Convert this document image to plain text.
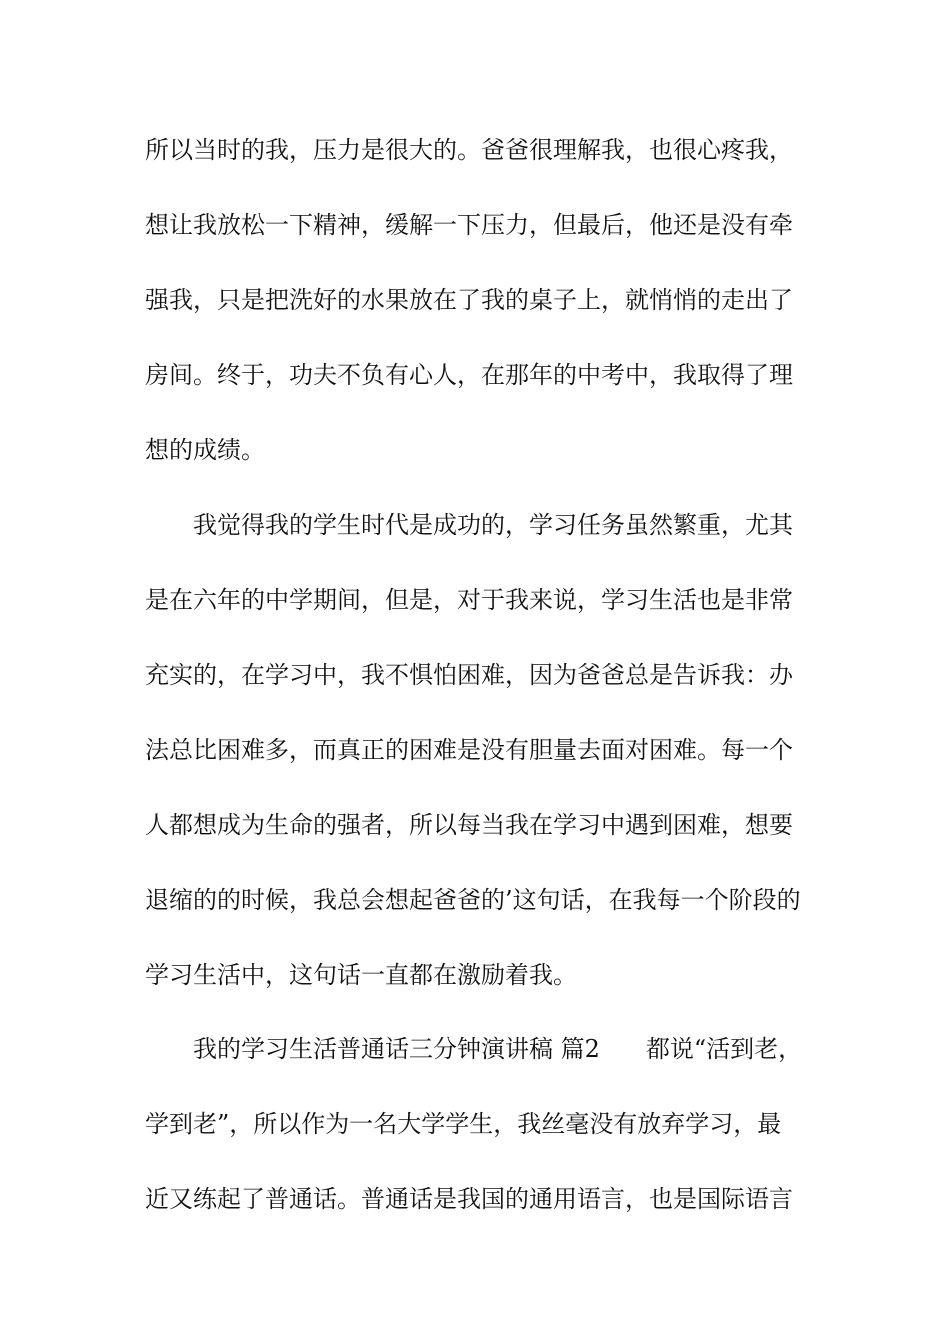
所以当时的我，压力是很大的。爸爸很理解我，也很心疼我，
想让我放松一下精神，缓解一下压力，但最后，他还是没有牵
强我，只是把洗好的水果放在了我的桌子上，就悄悄的走出了
房间。终于，功夫不负有心人，在那年的中考中，我取得了理
想的成绩。
我觉得我的学生时代是成功的，学习任务虽然繁重，尤其
是在六年的中学期间，但是，对于我来说，学习生活也是非常
充实的，在学习中，我不惧怕困难，因为爸爸总是告诉我：办
法总比困难多，而真正的困难是没有胆量去面对困难。每一个
人都想成为生命的强者，所以每当我在学习中遇到困难，想要
退缩的的时候，我总会想起爸爸的’这句话，在我每一个阶段的
学习生活中，这句话一直都在激励着我。
我的学习生活普通话三分钟演讲稿 篇2 都说“活到老，
学到老”，所以作为一名大学学生，我丝毫没有放弃学习，最
近又练起了普通话。普通话是我国的通用语言，也是国际语言
